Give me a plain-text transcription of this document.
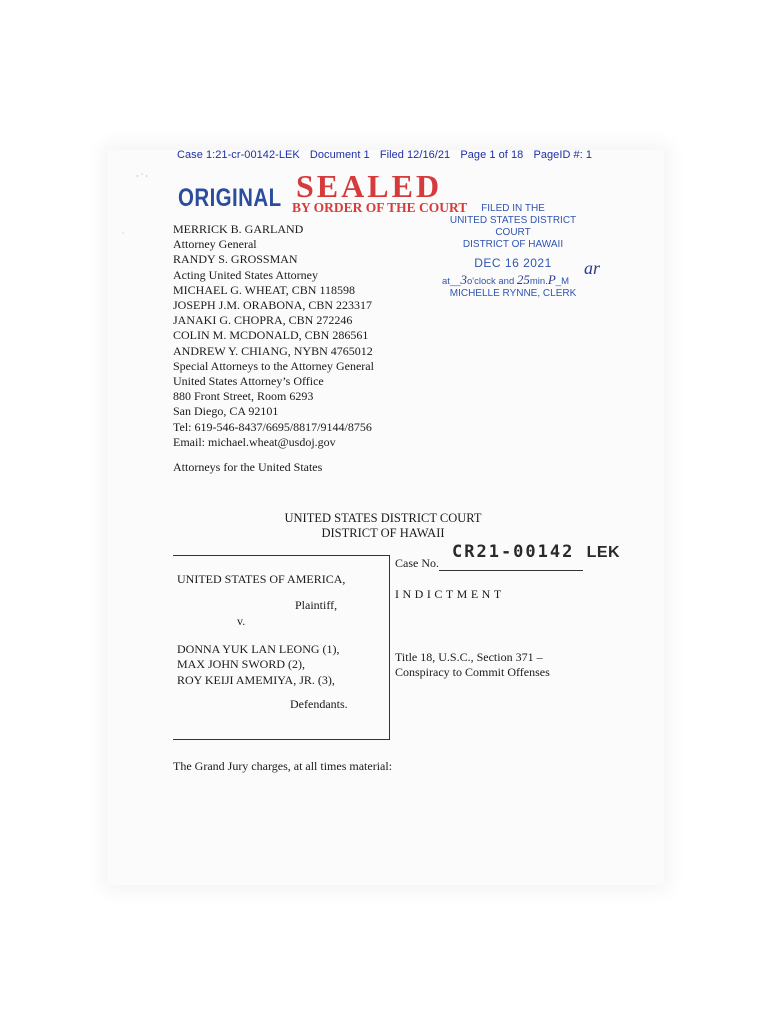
· ˙ ·
ˎ
Case 1:21-cr-00142-LEK Document 1 Filed 12/16/21 Page 1 of 18 PageID #: 1
ORIGINAL SEALED
BY ORDER OF THE COURT
MERRICK B. GARLAND
Attorney General
RANDY S. GROSSMAN
Acting United States Attorney
MICHAEL G. WHEAT, CBN 118598
JOSEPH J.M. ORABONA, CBN 223317
JANAKI G. CHOPRA, CBN 272246
COLIN M. MCDONALD, CBN 286561
ANDREW Y. CHIANG, NYBN 4765012
Special Attorneys to the Attorney General
United States Attorney’s Office
880 Front Street, Room 6293
San Diego, CA 92101
Tel: 619-546-8437/6695/8817/9144/8756
Email: michael.wheat@usdoj.gov
Attorneys for the United States
FILED IN THE
UNITED STATES DISTRICT COURT
DISTRICT OF HAWAII
DEC 16 2021
at__3o'clock and 25min.P_M
MICHELLE RYNNE, CLERK
ar
UNITED STATES DISTRICT COURT
DISTRICT OF HAWAII
UNITED STATES OF AMERICA,
Plaintiff,
v.
DONNA YUK LAN LEONG (1),
MAX JOHN SWORD (2),
ROY KEIJI AMEMIYA, JR. (3),
Defendants.
Case No.
CR21-00142 LEK
INDICTMENT
Title 18, U.S.C., Section 371 –
Conspiracy to Commit Offenses
The Grand Jury charges, at all times material:
